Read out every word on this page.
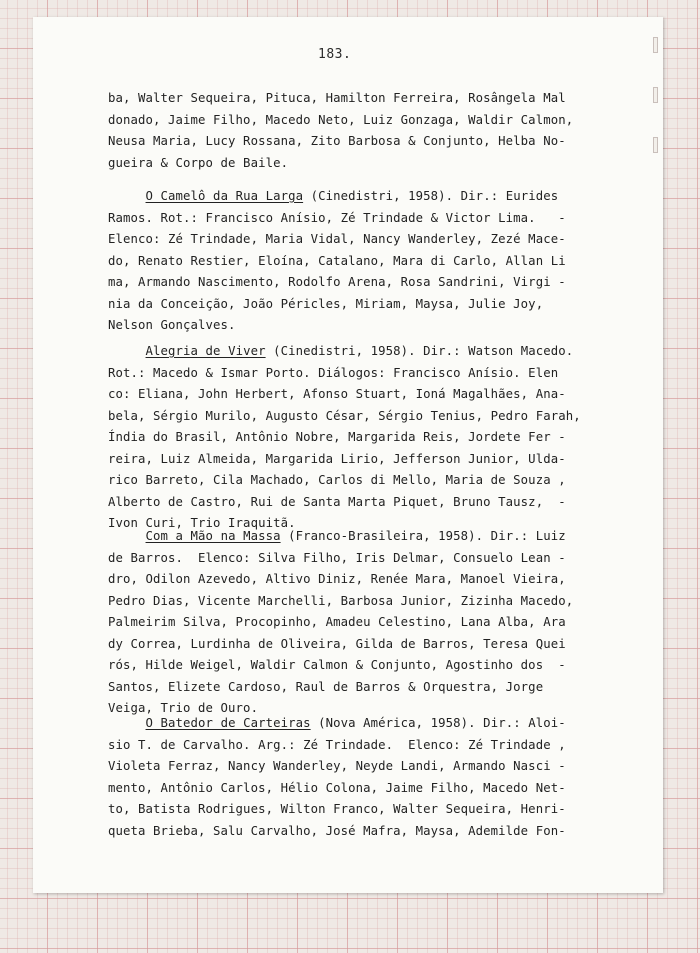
183.
ba, Walter Sequeira, Pituca, Hamilton Ferreira, Rosângela Mal
donado, Jaime Filho, Macedo Neto, Luiz Gonzaga, Waldir Calmon,
Neusa Maria, Lucy Rossana, Zito Barbosa & Conjunto, Helba No-
gueira & Corpo de Baile.
O Camelô da Rua Larga (Cinedistri, 1958). Dir.: Eurides
Ramos. Rot.: Francisco Anísio, Zé Trindade & Victor Lima.   -
Elenco: Zé Trindade, Maria Vidal, Nancy Wanderley, Zezé Mace-
do, Renato Restier, Eloína, Catalano, Mara di Carlo, Allan Li
ma, Armando Nascimento, Rodolfo Arena, Rosa Sandrini, Virgi -
nia da Conceição, João Péricles, Miriam, Maysa, Julie Joy,
Nelson Gonçalves.
Alegria de Viver (Cinedistri, 1958). Dir.: Watson Macedo.
Rot.: Macedo & Ismar Porto. Diálogos: Francisco Anísio. Elen
co: Eliana, John Herbert, Afonso Stuart, Ioná Magalhães, Ana-
bela, Sérgio Murilo, Augusto César, Sérgio Tenius, Pedro Farah,
Índia do Brasil, Antônio Nobre, Margarida Reis, Jordete Fer -
reira, Luiz Almeida, Margarida Lirio, Jefferson Junior, Ulda-
rico Barreto, Cila Machado, Carlos di Mello, Maria de Souza ,
Alberto de Castro, Rui de Santa Marta Piquet, Bruno Tausz,  -
Ivon Curi, Trio Iraquitã.
Com a Mão na Massa (Franco-Brasileira, 1958). Dir.: Luiz
de Barros.  Elenco: Silva Filho, Iris Delmar, Consuelo Lean -
dro, Odilon Azevedo, Altivo Diniz, Renée Mara, Manoel Vieira,
Pedro Dias, Vicente Marchelli, Barbosa Junior, Zizinha Macedo,
Palmeirim Silva, Procopinho, Amadeu Celestino, Lana Alba, Ara
dy Correa, Lurdinha de Oliveira, Gilda de Barros, Teresa Quei
rós, Hilde Weigel, Waldir Calmon & Conjunto, Agostinho dos  -
Santos, Elizete Cardoso, Raul de Barros & Orquestra, Jorge
Veiga, Trio de Ouro.
O Batedor de Carteiras (Nova América, 1958). Dir.: Aloi-
sio T. de Carvalho. Arg.: Zé Trindade.  Elenco: Zé Trindade ,
Violeta Ferraz, Nancy Wanderley, Neyde Landi, Armando Nasci -
mento, Antônio Carlos, Hélio Colona, Jaime Filho, Macedo Net-
to, Batista Rodrigues, Wilton Franco, Walter Sequeira, Henri-
queta Brieba, Salu Carvalho, José Mafra, Maysa, Ademilde Fon-
